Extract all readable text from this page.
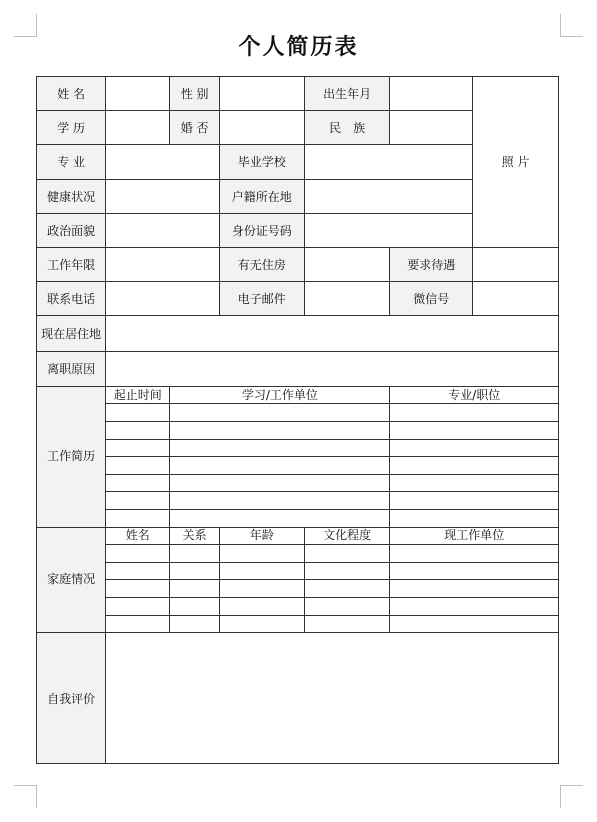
个人简历表
姓 名		性 别		出生年月		照 片
学 历		婚 否		民　族		
专 业			毕业学校			
健康状况			户籍所在地			
政治面貌			身份证号码			
工作年限			有无住房		要求待遇	
联系电话			电子邮件		微信号	
现在居住地						
离职原因						
工作简历	起止时间	学习/工作单位			专业/职位	

家庭情况	姓名	关系	年龄	文化程度	现工作单位	

自我评价						
